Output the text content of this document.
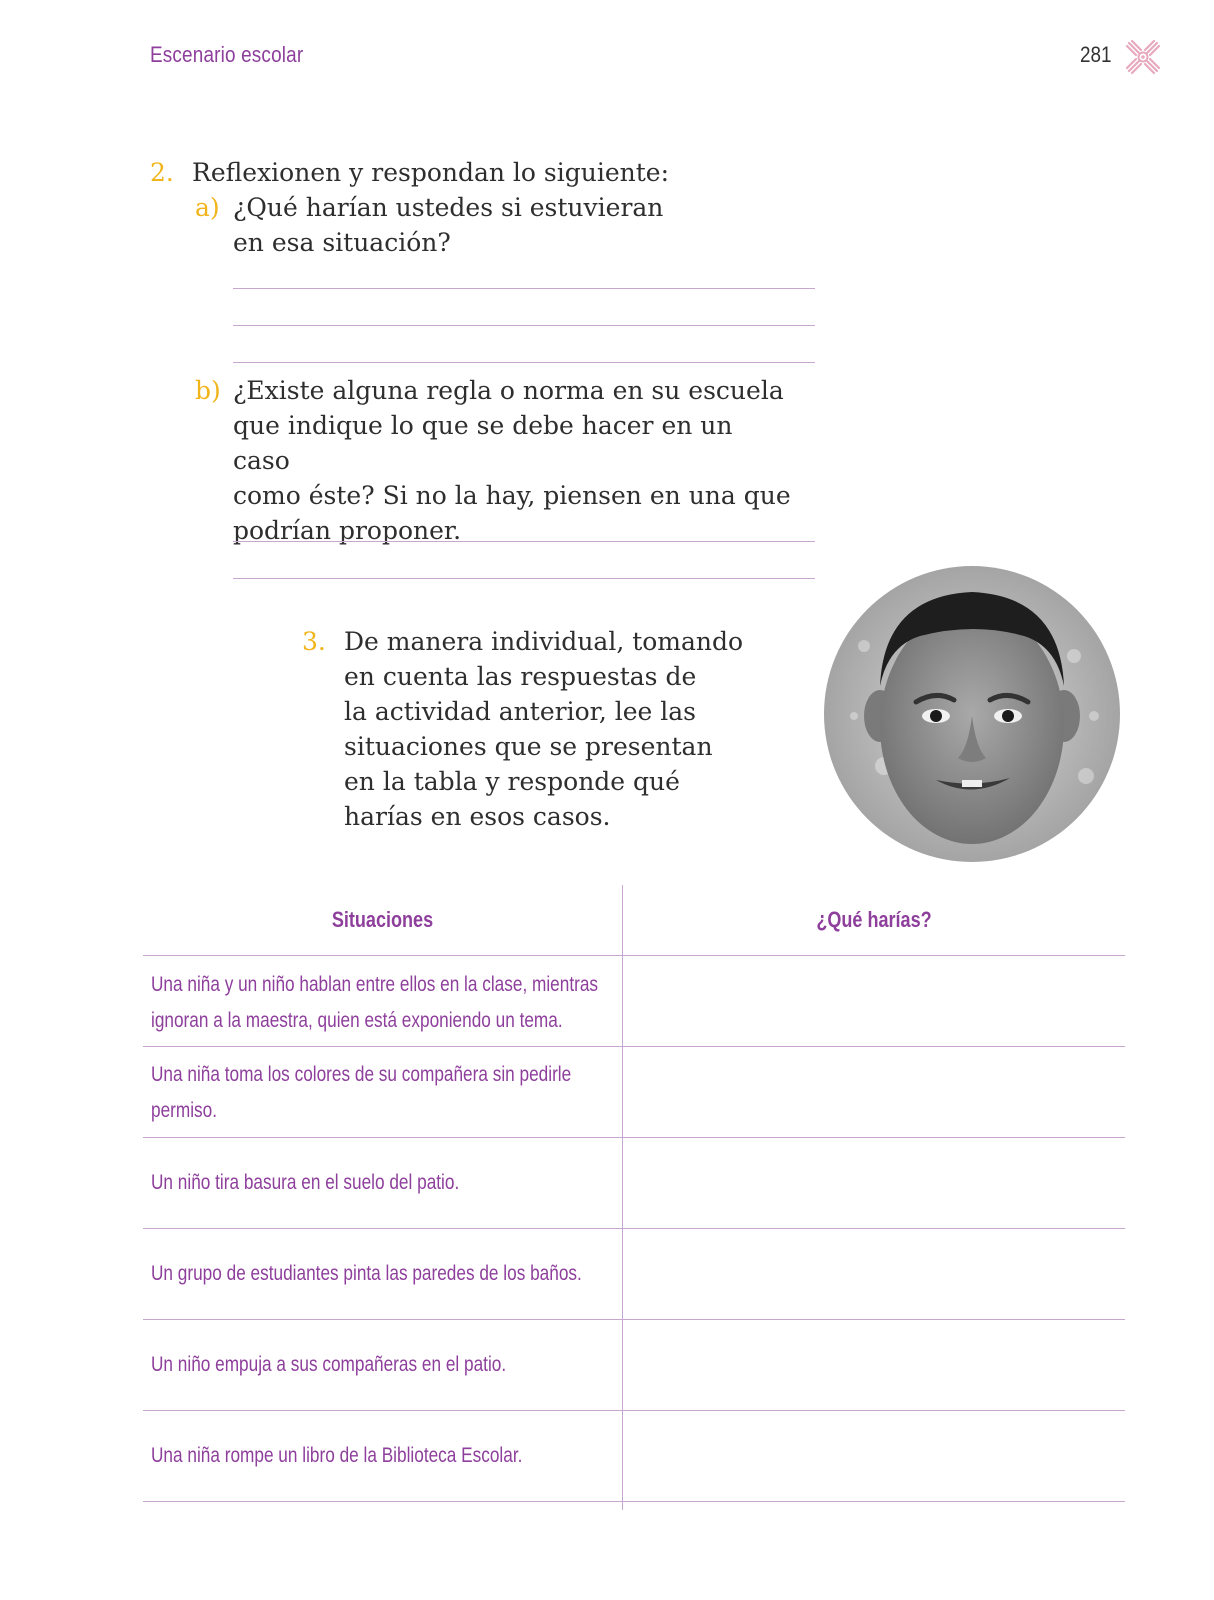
Escenario escolar	281
2. Reflexionen y respondan lo siguiente:
a) ¿Qué harían ustedes si estuvieran
en esa situación?
b) ¿Existe alguna regla o norma en su escuela
que indique lo que se debe hacer en un caso
como éste? Si no la hay, piensen en una que
podrían proponer.
3. De manera individual, tomando
en cuenta las respuestas de
la actividad anterior, lee las
situaciones que se presentan
en la tabla y responde qué
harías en esos casos.
Situaciones	¿Qué harías?
Una niña y un niño hablan entre ellos en la clase, mientras
ignoran a la maestra, quien está exponiendo un tema.
Una niña toma los colores de su compañera sin pedirle
permiso.
Un niño tira basura en el suelo del patio.
Un grupo de estudiantes pinta las paredes de los baños.
Un niño empuja a sus compañeras en el patio.
Una niña rompe un libro de la Biblioteca Escolar.
